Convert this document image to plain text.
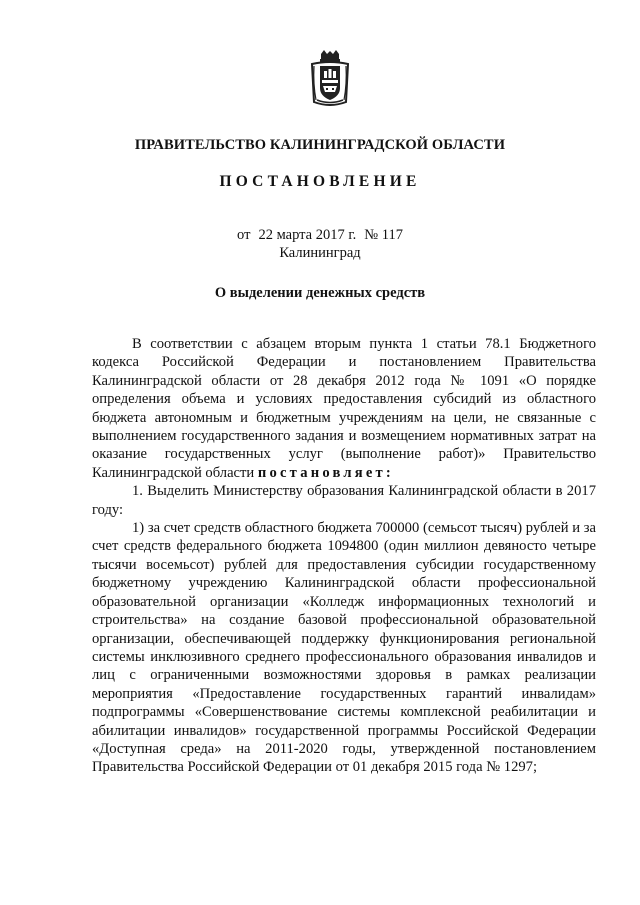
ПРАВИТЕЛЬСТВО КАЛИНИНГРАДСКОЙ ОБЛАСТИ
ПОСТАНОВЛЕНИЕ
от 22 марта 2017 г. № 117
Калининград
О выделении денежных средств

В соответствии с абзацем вторым пункта 1 статьи 78.1 Бюджетного кодекса Российской Федерации и постановлением Правительства Калининградской области от 28 декабря 2012 года № 1091 «О порядке определения объема и условиях предоставления субсидий из областного бюджета автономным и бюджетным учреждениям на цели, не связанные с выполнением государственного задания и возмещением нормативных затрат на оказание государственных услуг (выполнение работ)» Правительство Калининградской области постановляет:

1. Выделить Министерству образования Калининградской области в 2017 году:

1) за счет средств областного бюджета 700000 (семьсот тысяч) рублей и за счет средств федерального бюджета 1094800 (один миллион девяносто четыре тысячи восемьсот) рублей для предоставления субсидии государственному бюджетному учреждению Калининградской области профессиональной образовательной организации «Колледж информационных технологий и строительства» на создание базовой профессиональной образовательной организации, обеспечивающей поддержку функционирования региональной системы инклюзивного среднего профессионального образования инвалидов и лиц с ограниченными возможностями здоровья в рамках реализации мероприятия «Предоставление государственных гарантий инвалидам» подпрограммы «Совершенствование системы комплексной реабилитации и абилитации инвалидов» государственной программы Российской Федерации «Доступная среда» на 2011-2020 годы, утвержденной постановлением Правительства Российской Федерации от 01 декабря 2015 года № 1297;
